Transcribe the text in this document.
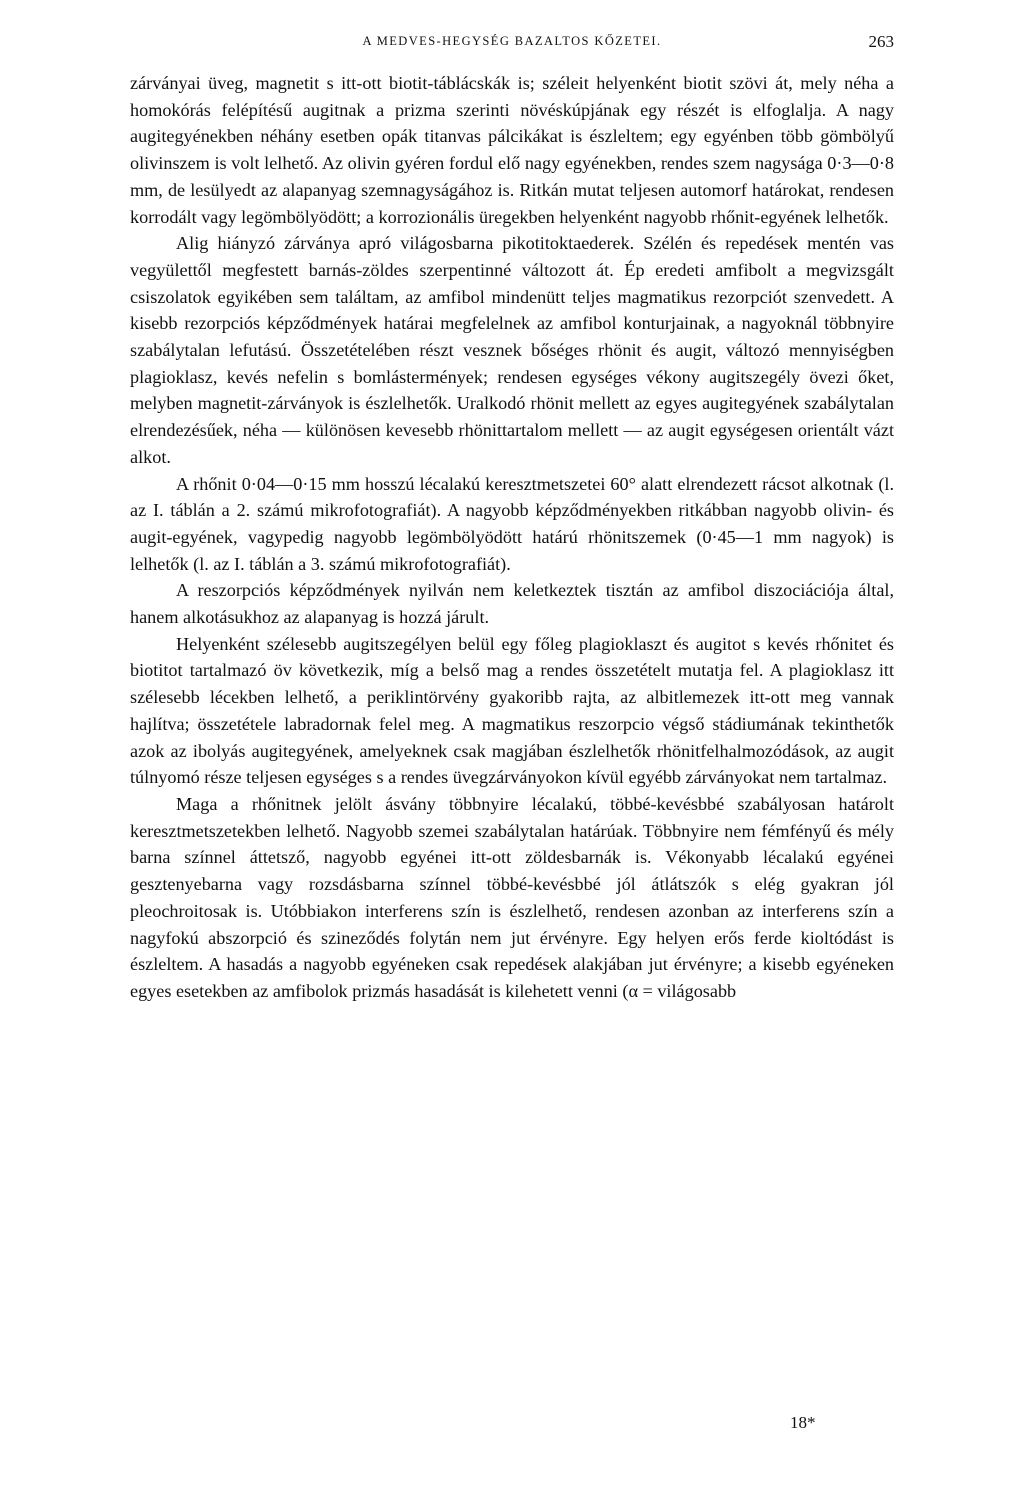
A MEDVES-HEGYSÉG BAZALTOS KŐZETEI.	263

zárványai üveg, magnetit s itt-ott biotit-táblácskák is; széleit helyenként biotit szövi át, mely néha a homokórás felépítésű augitnak a prizma szerinti növéskúpjának egy részét is elfoglalja. A nagy augitegyénekben néhány esetben opák titanvas pálcikákat is észleltem; egy egyénben több gömbölyű olivinszem is volt lelhető. Az olivin gyéren fordul elő nagy egyénekben, rendes szem nagysága 0·3—0·8 mm, de lesülyedt az alapanyag szemnagyságához is. Ritkán mutat teljesen automorf határokat, rendesen korrodált vagy legömbölyödött; a korrozionális üregekben helyenként nagyobb rhőnit-egyének lelhetők.

Alig hiányzó zárványa apró világosbarna pikotitoktaederek. Szélén és repedések mentén vas vegyülettől megfestett barnás-zöldes szerpentinné változott át. Ép eredeti amfibolt a megvizsgált csiszolatok egyikében sem találtam, az amfibol mindenütt teljes magmatikus rezorpciót szenvedett. A kisebb rezorpciós képződmények határai megfelelnek az amfibol konturjainak, a nagyoknál többnyire szabálytalan lefutású. Összetételében részt vesznek bőséges rhönit és augit, változó mennyiségben plagioklasz, kevés nefelin s bomlástermények; rendesen egységes vékony augitszegély övezi őket, melyben magnetit-zárványok is észlelhetők. Uralkodó rhönit mellett az egyes augitegyének szabálytalan elrendezésűek, néha — különösen kevesebb rhönittartalom mellett — az augit egységesen orientált vázt alkot.

A rhőnit 0·04—0·15 mm hosszú lécalakú keresztmetszetei 60° alatt elrendezett rácsot alkotnak (l. az I. táblán a 2. számú mikrofotografiát). A nagyobb képződményekben ritkábban nagyobb olivin- és augit-egyének, vagypedig nagyobb legömbölyödött határú rhönitszemek (0·45—1 mm nagyok) is lelhetők (l. az I. táblán a 3. számú mikrofotografiát).

A reszorpciós képződmények nyilván nem keletkeztek tisztán az amfibol diszociációja által, hanem alkotásukhoz az alapanyag is hozzá járult.

Helyenként szélesebb augitszegélyen belül egy főleg plagioklaszt és augitot s kevés rhőnitet és biotitot tartalmazó öv következik, míg a belső mag a rendes összetételt mutatja fel. A plagioklasz itt szélesebb lécekben lelhető, a periklintörvény gyakoribb rajta, az albitlemezek itt-ott meg vannak hajlítva; összetétele labradornak felel meg. A magmatikus reszorpcio végső stádiumának tekinthetők azok az ibolyás augitegyének, amelyeknek csak magjában észlelhetők rhönitfelhalmozódások, az augit túlnyomó része teljesen egységes s a rendes üvegzárványokon kívül egyébb zárványokat nem tartalmaz.

Maga a rhőnitnek jelölt ásvány többnyire lécalakú, többé-kevésbbé szabályosan határolt keresztmetszetekben lelhető. Nagyobb szemei szabálytalan határúak. Többnyire nem fémfényű és mély barna színnel áttetsző, nagyobb egyénei itt-ott zöldesbarnák is. Vékonyabb lécalakú egyénei gesztenyebarna vagy rozsdásbarna színnel többé-kevésbbé jól átlátszók s elég gyakran jól pleochroitosak is. Utóbbiakon interferens szín is észlelhető, rendesen azonban az interferens szín a nagyfokú abszorpció és szineződés folytán nem jut érvényre. Egy helyen erős ferde kioltódást is észleltem. A hasadás a nagyobb egyéneken csak repedések alakjában jut érvényre; a kisebb egyéneken egyes esetekben az amfibolok prizmás hasadását is kilehetett venni (α = világosabb

18*
